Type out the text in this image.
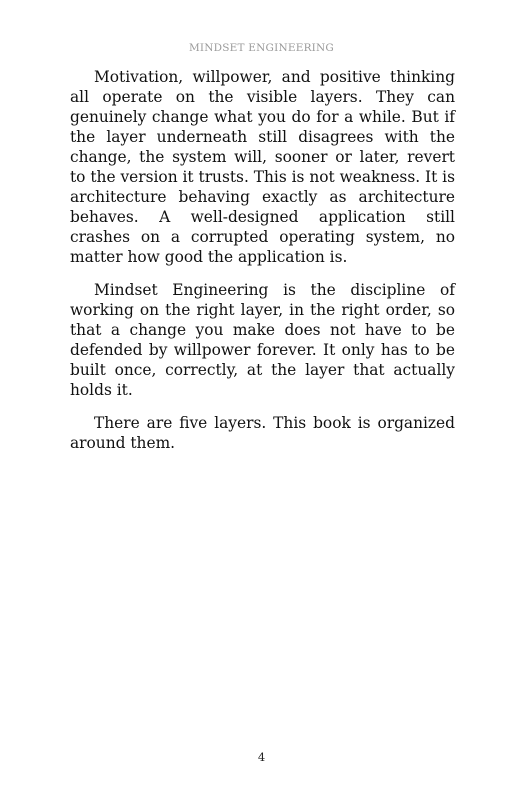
MINDSET ENGINEERING

Motivation, willpower, and positive thinking all operate on the visible layers. They can genuinely change what you do for a while. But if the layer underneath still disagrees with the change, the system will, sooner or later, revert to the version it trusts. This is not weakness. It is architecture behaving exactly as architecture behaves. A well-designed application still crashes on a corrupted operating system, no matter how good the application is.

Mindset Engineering is the discipline of working on the right layer, in the right order, so that a change you make does not have to be defended by willpower forever. It only has to be built once, correctly, at the layer that actually holds it.

There are five layers. This book is organized around them.

4
